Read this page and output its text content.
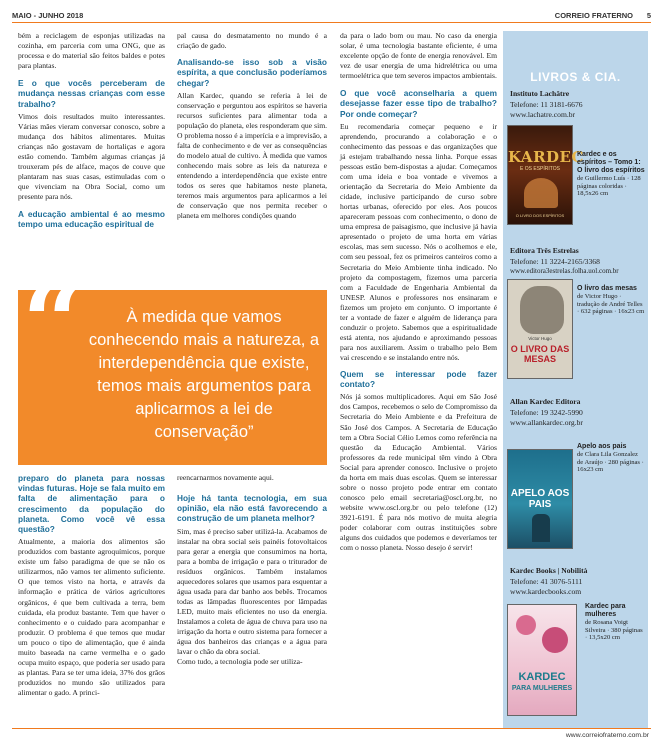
MAIO - JUNHO 2018	CORREIO FRATERNO 5

bém a reciclagem de esponjas utilizadas na cozinha, em parceria com uma ONG, que as processa e do material são feitos baldes e potes para plantas.

E o que vocês perceberam de mudança nessas crianças com esse trabalho?

Vimos dois resultados muito interessantes. Várias mães vieram conversar conosco, sobre a mudança dos hábitos alimentares. Muitas crianças não gostavam de hortaliças e agora estão comendo. Também algumas crianças já trouxeram pés de alface, maços de couve que plantaram nas suas casas, estimuladas com o que vivenciam na Obra Social, como um presente para nós.

A educação ambiental é ao mesmo tempo uma educação espiritual de

pal causa do desmatamento no mundo é a criação de gado.

Analisando-se isso sob a visão espírita, a que conclusão poderíamos chegar?

Allan Kardec, quando se referia à lei de conservação e perguntou aos espíritos se haveria recursos suficientes para alimentar toda a população do planeta, eles responderam que sim. O problema nosso é a imperícia e a imprevisão, a falta de conhecimento e de ver as consequências do modelo atual de cultivo. À medida que vamos conhecendo mais sobre as leis da natureza e entendendo a interdependência que existe entre todos os seres que habitamos neste planeta, teremos mais argumentos para aplicarmos a lei de conservação que nos permita receber o planeta em melhores condições quando

“	À medida que vamos conhecendo mais a natureza, a interdependência que existe, temos mais argumentos para aplicarmos a lei de conservação”
preparo do planeta para nossas vindas futuras. Hoje se fala muito em falta de alimentação para o crescimento da população do planeta. Como você vê essa questão?

Atualmente, a maioria dos alimentos são produzidos com bastante agroquímicos, porque existe um falso paradigma de que se não os utilizarmos, não vamos ter alimento suficiente. O que temos visto na horta, e através da informação e prática de vários agricultores orgânicos, é que bem cultivada a terra, bem cuidada, ela produz bastante. Tem que haver o conhecimento e o cuidado para acompanhar e produzir. O problema é que temos que mudar um pouco o tipo de alimentação, que é ainda muito baseada na carne vermelha e o gado ocupa muito espaço, que poderia ser usado para as plantas. Para se ter uma ideia, 37% dos grãos produzidos no mundo são utilizados para alimentar o gado. A princi-

reencarnarmos novamente aqui.

Hoje há tanta tecnologia, em sua opinião, ela não está favorecendo a construção de um planeta melhor?

Sim, mas é preciso saber utilizá-la. Acabamos de instalar na obra social seis painéis fotovoltaicos para gerar a energia que consumimos na horta, para a bomba de irrigação e para o triturador de resíduos orgânicos. Também instalamos aquecedores solares que usamos para esquentar a água usada para dar banho aos bebês. Trocamos todas as lâmpadas fluorescentes por lâmpadas LED, muito mais eficientes no uso da energia. Instalamos a coleta de água de chuva para uso na irrigação da horta e outro sistema para fornecer a água dos banheiros das crianças e a água para lavar o chão da obra social.

Como tudo, a tecnologia pode ser utiliza-

da para o lado bom ou mau. No caso da energia solar, é uma tecnologia bastante eficiente, é uma excelente opção de fonte de energia renovável. Em vez de usar energia de uma hidrelétrica ou uma termoelétrica que tem severos impactos ambientais.

O que você aconselharia a quem desejasse fazer esse tipo de trabalho? Por onde começar?

Eu recomendaria começar pequeno e ir aprendendo, procurando a colaboração e o conhecimento das pessoas e das organizações que já estejam trabalhando nessa linha. Porque essas pessoas estão bem-dispostas a ajudar. Começamos com uma ideia e boa vontade e vivemos a orientação da Secretaria do Meio Ambiente da cidade, inclusive participando de curso sobre hortas urbanas, oferecido por eles. Aos poucos apareceram pessoas com conhecimento, o dono de uma empresa de paisagismo, que inclusive já havia apresentado o projeto de uma horta em várias escolas, mas sem sucesso. Nós o acolhemos e ele, com seu pessoal, fez os primeiros canteiros como a Secretaria do Meio Ambiente tinha indicado. No projeto da compostagem, fizemos uma parceria com a Faculdade de Engenharia Ambiental da UNESP. Alunos e professores nos ensinaram e fizemos um projeto em conjunto. O importante é ter a vontade de fazer e alguém de liderança para conduzir o projeto. Sabemos que a espiritualidade está atenta, nos ajudando e aproximando pessoas para nos auxiliarem. Assim o trabalho pelo Bem vai crescendo e se instalando entre nós.

Quem se interessar pode fazer contato?

Nós já somos multiplicadores. Aqui em São José dos Campos, recebemos o selo de Compromisso da Secretaria do Meio Ambiente e da Prefeitura de São José dos Campos. A Secretaria de Educação tem a Obra Social Célio Lemos como referência na questão da Educação Ambiental. Vários professores da rede municipal têm vindo à Obra Social para aprender conosco. Inclusive o projeto da horta em mais duas escolas. Quem se interessar sobre o nosso projeto pode entrar em contato conosco pelo email secretaria@oscl.org.br, no website www.oscl.org.br ou pelo telefone (12) 3921-6191. É para nós motivo de muita alegria poder colaborar com outras instituições sobre alguns dos cuidados que podemos e deveríamos ter com o nosso planeta. Nosso desejo é servir!

LIVROS & CIA.
Instituto Lachâtre
Telefone: 11 3181-6676
www.lachatre.com.br
KARDEC
E OS ESPÍRITOS
O LIVRO DOS ESPÍRITOS
Kardec e os espíritos – Tomo 1: O livro dos espíritos
de Guillermo Luís · 128 páginas coloridas · 18,5x26 cm
Editora Três Estrelas
Telefone: 11 3224-2165/3368
www.editora3estrelas.folha.uol.com.br
Victor Hugo
O LIVRO DAS MESAS
O livro das mesas
de Victor Hugo · tradução de André Telles · 632 páginas · 16x23 cm
Allan Kardec Editora
Telefone: 19 3242-5990
www.allankardec.org.br
APELO AOS PAIS
Apelo aos pais
de Clara Lila Gonzalez de Araújo · 280 páginas · 16x23 cm
Kardec Books | Nobilità
Telefone: 41 3076-5111
www.kardecbooks.com
KARDEC
PARA MULHERES
Kardec para mulheres
de Rosana Voigt Silveira · 380 páginas · 13,5x20 cm
www.correiofraterno.com.br
